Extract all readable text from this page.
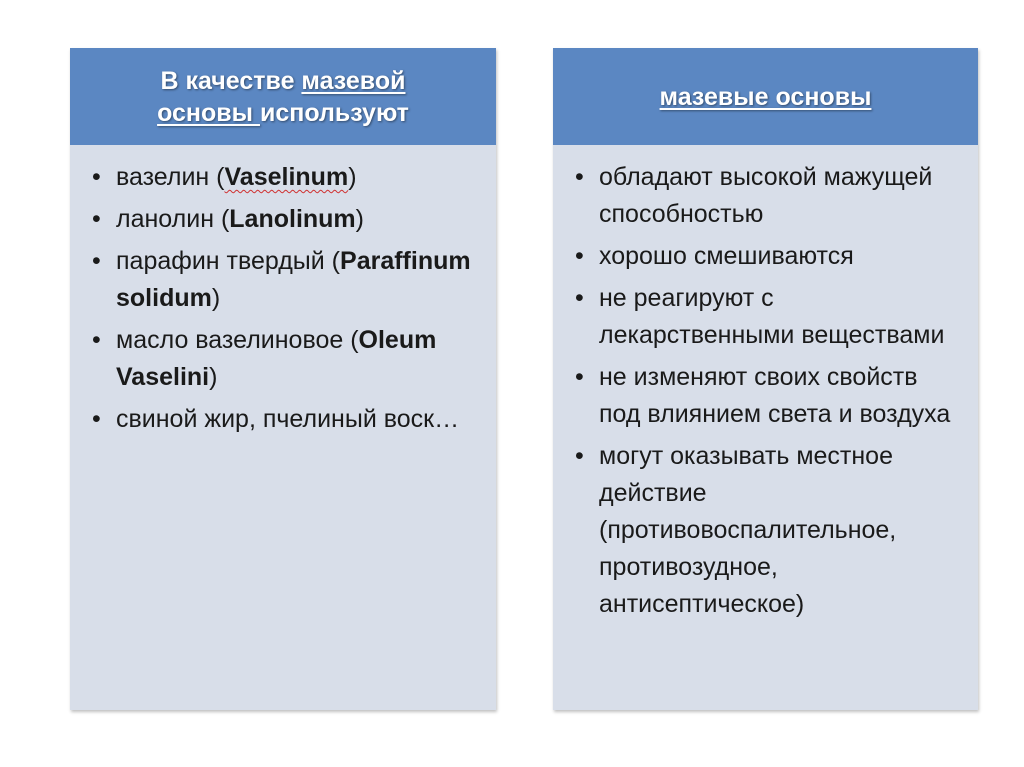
В качестве мазевой
основы используют
• вазелин (Vaselinum)
• ланолин (Lanolinum)
• парафин твердый (Paraffinum solidum)
• масло вазелиновое (Oleum Vaselini)
• свиной жир, пчелиный воск…
мазевые основы
• обладают высокой мажущей способностью
• хорошо смешиваются
• не реагируют с лекарственными веществами
• не изменяют своих свойств под влиянием света и воздуха
• могут оказывать местное действие (противовоспалительное, противозудное, антисептическое)
